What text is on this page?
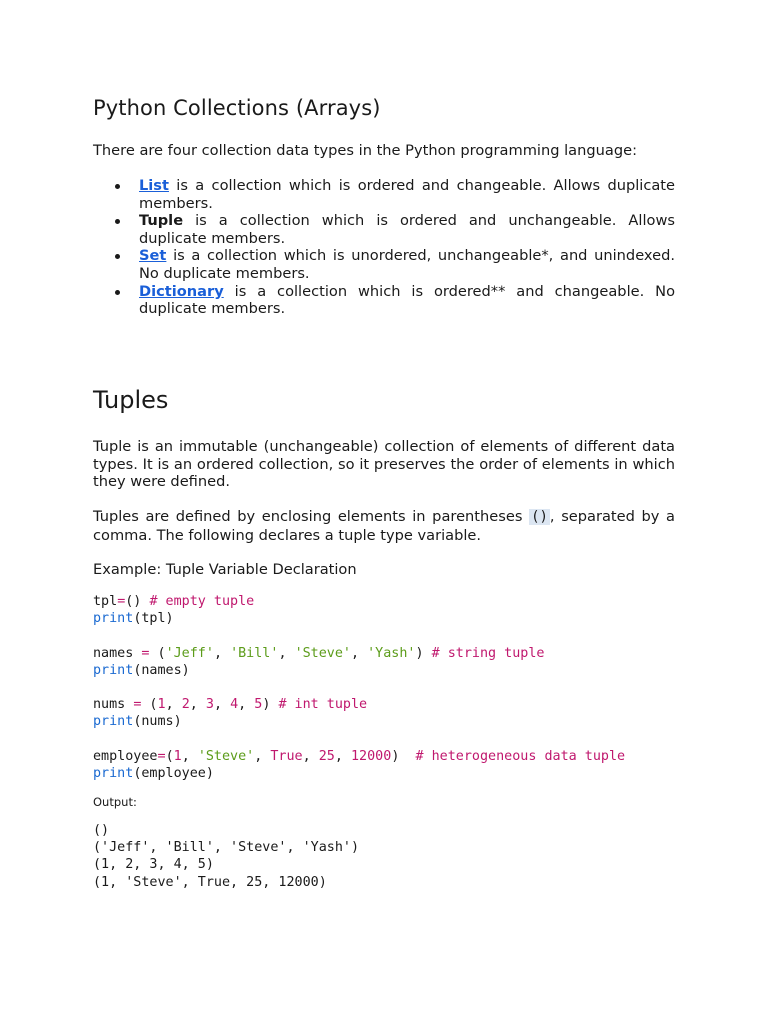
Python Collections (Arrays)

There are four collection data types in the Python programming language:

List is a collection which is ordered and changeable. Allows duplicate members.
Tuple is a collection which is ordered and unchangeable. Allows duplicate members.
Set is a collection which is unordered, unchangeable*, and unindexed. No duplicate members.
Dictionary is a collection which is ordered** and changeable. No duplicate members.
Tuples

Tuple is an immutable (unchangeable) collection of elements of different data types. It is an ordered collection, so it preserves the order of elements in which they were defined.

Tuples are defined by enclosing elements in parentheses () , separated by a comma. The following declares a tuple type variable.

Example: Tuple Variable Declaration

tpl=() # empty tuple
print(tpl)

names = ('Jeff', 'Bill', 'Steve', 'Yash') # string tuple
print(names)

nums = (1, 2, 3, 4, 5) # int tuple
print(nums)

employee=(1, 'Steve', True, 25, 12000)  # heterogeneous data tuple
print(employee)

Output:

()
('Jeff', 'Bill', 'Steve', 'Yash')
(1, 2, 3, 4, 5)
(1, 'Steve', True, 25, 12000)
